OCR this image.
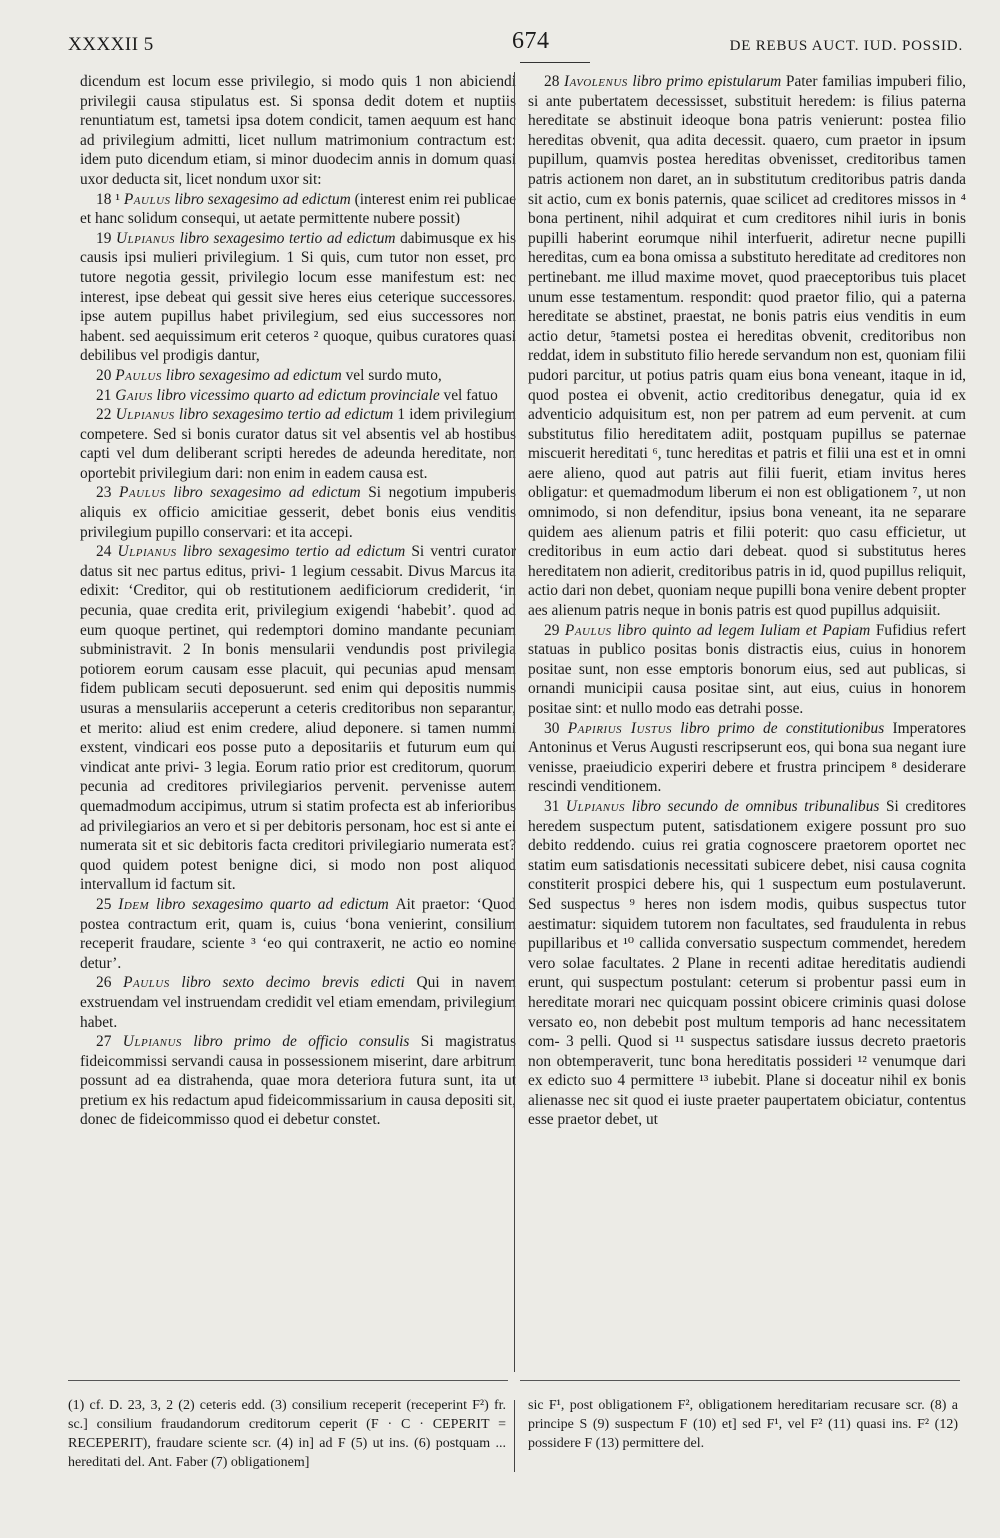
XXXXII 5	674	DE REBUS AUCT. IUD. POSSID.

dicendum est locum esse privilegio, si modo quis 1 non abiciendi privilegii causa stipulatus est. Si sponsa dedit dotem et nuptiis renuntiatum est, tametsi ipsa dotem condicit, tamen aequum est hanc ad privilegium admitti, licet nullum matrimonium contractum est: idem puto dicendum etiam, si minor duodecim annis in domum quasi uxor deducta sit, licet nondum uxor sit:

18 ¹ Paulus libro sexagesimo ad edictum (interest enim rei publicae et hanc solidum consequi, ut aetate permittente nubere possit)

19 Ulpianus libro sexagesimo tertio ad edictum dabimusque ex his causis ipsi mulieri privilegium. 1 Si quis, cum tutor non esset, pro tutore negotia gessit, privilegio locum esse manifestum est: nec interest, ipse debeat qui gessit sive heres eius ceterique successores. ipse autem pupillus habet privilegium, sed eius successores non habent. sed aequissimum erit ceteros ² quoque, quibus curatores quasi debilibus vel prodigis dantur,

20 Paulus libro sexagesimo ad edictum vel surdo muto,

21 Gaius libro vicessimo quarto ad edictum provinciale vel fatuo

22 Ulpianus libro sexagesimo tertio ad edictum 1 idem privilegium competere. Sed si bonis curator datus sit vel absentis vel ab hostibus capti vel dum deliberant scripti heredes de adeunda hereditate, non oportebit privilegium dari: non enim in eadem causa est.

23 Paulus libro sexagesimo ad edictum Si negotium impuberis aliquis ex officio amicitiae gesserit, debet bonis eius venditis privilegium pupillo conservari: et ita accepi.

24 Ulpianus libro sexagesimo tertio ad edictum Si ventri curator datus sit nec partus editus, privi- 1 legium cessabit. Divus Marcus ita edixit: ‘Creditor, qui ob restitutionem aedificiorum crediderit, ‘in pecunia, quae credita erit, privilegium exigendi ‘habebit’. quod ad eum quoque pertinet, qui redemptori domino mandante pecuniam subministravit. 2 In bonis mensularii vendundis post privilegia potiorem eorum causam esse placuit, qui pecunias apud mensam fidem publicam secuti deposuerunt. sed enim qui depositis nummis usuras a mensulariis acceperunt a ceteris creditoribus non separantur, et merito: aliud est enim credere, aliud deponere. si tamen nummi exstent, vindicari eos posse puto a depositariis et futurum eum qui vindicat ante privi- 3 legia. Eorum ratio prior est creditorum, quorum pecunia ad creditores privilegiarios pervenit. pervenisse autem quemadmodum accipimus, utrum si statim profecta est ab inferioribus ad privilegiarios an vero et si per debitoris personam, hoc est si ante ei numerata sit et sic debitoris facta creditori privilegiario numerata est? quod quidem potest benigne dici, si modo non post aliquod intervallum id factum sit.

25 Idem libro sexagesimo quarto ad edictum Ait praetor: ‘Quod postea contractum erit, quam is, cuius ‘bona venierint, consilium receperit fraudare, sciente ³ ‘eo qui contraxerit, ne actio eo nomine detur’.

26 Paulus libro sexto decimo brevis edicti Qui in navem exstruendam vel instruendam credidit vel etiam emendam, privilegium habet.

27 Ulpianus libro primo de officio consulis Si magistratus fideicommissi servandi causa in possessionem miserint, dare arbitrum possunt ad ea distrahenda, quae mora deteriora futura sunt, ita ut pretium ex his redactum apud fideicommissarium in causa depositi sit, donec de fideicommisso quod ei debetur constet.

28 Iavolenus libro primo epistularum Pater familias impuberi filio, si ante pubertatem decessisset, substituit heredem: is filius paterna hereditate se abstinuit ideoque bona patris venierunt: postea filio hereditas obvenit, qua adita decessit. quaero, cum praetor in ipsum pupillum, quamvis postea hereditas obvenisset, creditoribus tamen patris actionem non daret, an in substitutum creditoribus patris danda sit actio, cum ex bonis paternis, quae scilicet ad creditores missos in ⁴ bona pertinent, nihil adquirat et cum creditores nihil iuris in bonis pupilli haberint eorumque nihil interfuerit, adiretur necne pupilli hereditas, cum ea bona omissa a substituto hereditate ad creditores non pertinebant. me illud maxime movet, quod praeceptoribus tuis placet unum esse testamentum. respondit: quod praetor filio, qui a paterna hereditate se abstinet, praestat, ne bonis patris eius venditis in eum actio detur, ⁵tametsi postea ei hereditas obvenit, creditoribus non reddat, idem in substituto filio herede servandum non est, quoniam filii pudori parcitur, ut potius patris quam eius bona veneant, itaque in id, quod postea ei obvenit, actio creditoribus denegatur, quia id ex adventicio adquisitum est, non per patrem ad eum pervenit. at cum substitutus filio hereditatem adiit, postquam pupillus se paternae miscuerit hereditati ⁶, tunc hereditas et patris et filii una est et in omni aere alieno, quod aut patris aut filii fuerit, etiam invitus heres obligatur: et quemadmodum liberum ei non est obligationem ⁷, ut non omnimodo, si non defenditur, ipsius bona veneant, ita ne separare quidem aes alienum patris et filii poterit: quo casu efficietur, ut creditoribus in eum actio dari debeat. quod si substitutus heres hereditatem non adierit, creditoribus patris in id, quod pupillus reliquit, actio dari non debet, quoniam neque pupilli bona venire debent propter aes alienum patris neque in bonis patris est quod pupillus adquisiit.

29 Paulus libro quinto ad legem Iuliam et Papiam Fufidius refert statuas in publico positas bonis distractis eius, cuius in honorem positae sunt, non esse emptoris bonorum eius, sed aut publicas, si ornandi municipii causa positae sint, aut eius, cuius in honorem positae sint: et nullo modo eas detrahi posse.

30 Papirius Iustus libro primo de constitutionibus Imperatores Antoninus et Verus Augusti rescripserunt eos, qui bona sua negant iure venisse, praeiudicio experiri debere et frustra principem ⁸ desiderare rescindi venditionem.

31 Ulpianus libro secundo de omnibus tribunalibus Si creditores heredem suspectum putent, satisdationem exigere possunt pro suo debito reddendo. cuius rei gratia cognoscere praetorem oportet nec statim eum satisdationis necessitati subicere debet, nisi causa cognita constiterit prospici debere his, qui 1 suspectum eum postulaverunt. Sed suspectus ⁹ heres non isdem modis, quibus suspectus tutor aestimatur: siquidem tutorem non facultates, sed fraudulenta in rebus pupillaribus et ¹⁰ callida conversatio suspectum commendet, heredem vero solae facultates. 2 Plane in recenti aditae hereditatis audiendi erunt, qui suspectum postulant: ceterum si probentur passi eum in hereditate morari nec quicquam possint obicere criminis quasi dolose versato eo, non debebit post multum temporis ad hanc necessitatem com- 3 pelli. Quod si ¹¹ suspectus satisdare iussus decreto praetoris non obtemperaverit, tunc bona hereditatis possideri ¹² venumque dari ex edicto suo 4 permittere ¹³ iubebit. Plane si doceatur nihil ex bonis alienasse nec sit quod ei iuste praeter paupertatem obiciatur, contentus esse praetor debet, ut

(1) cf. D. 23, 3, 2 (2) ceteris edd. (3) consilium receperit (receperint F²) fr. sc.] consilium fraudandorum creditorum ceperit (F · C · CEPERIT = RECEPERIT), fraudare sciente scr. (4) in] ad F (5) ut ins. (6) postquam ... hereditati del. Ant. Faber (7) obligationem]
sic F¹, post obligationem F², obligationem hereditariam recusare scr. (8) a principe S (9) suspectum F (10) et] sed F¹, vel F² (11) quasi ins. F² (12) possidere F (13) permittere del.
